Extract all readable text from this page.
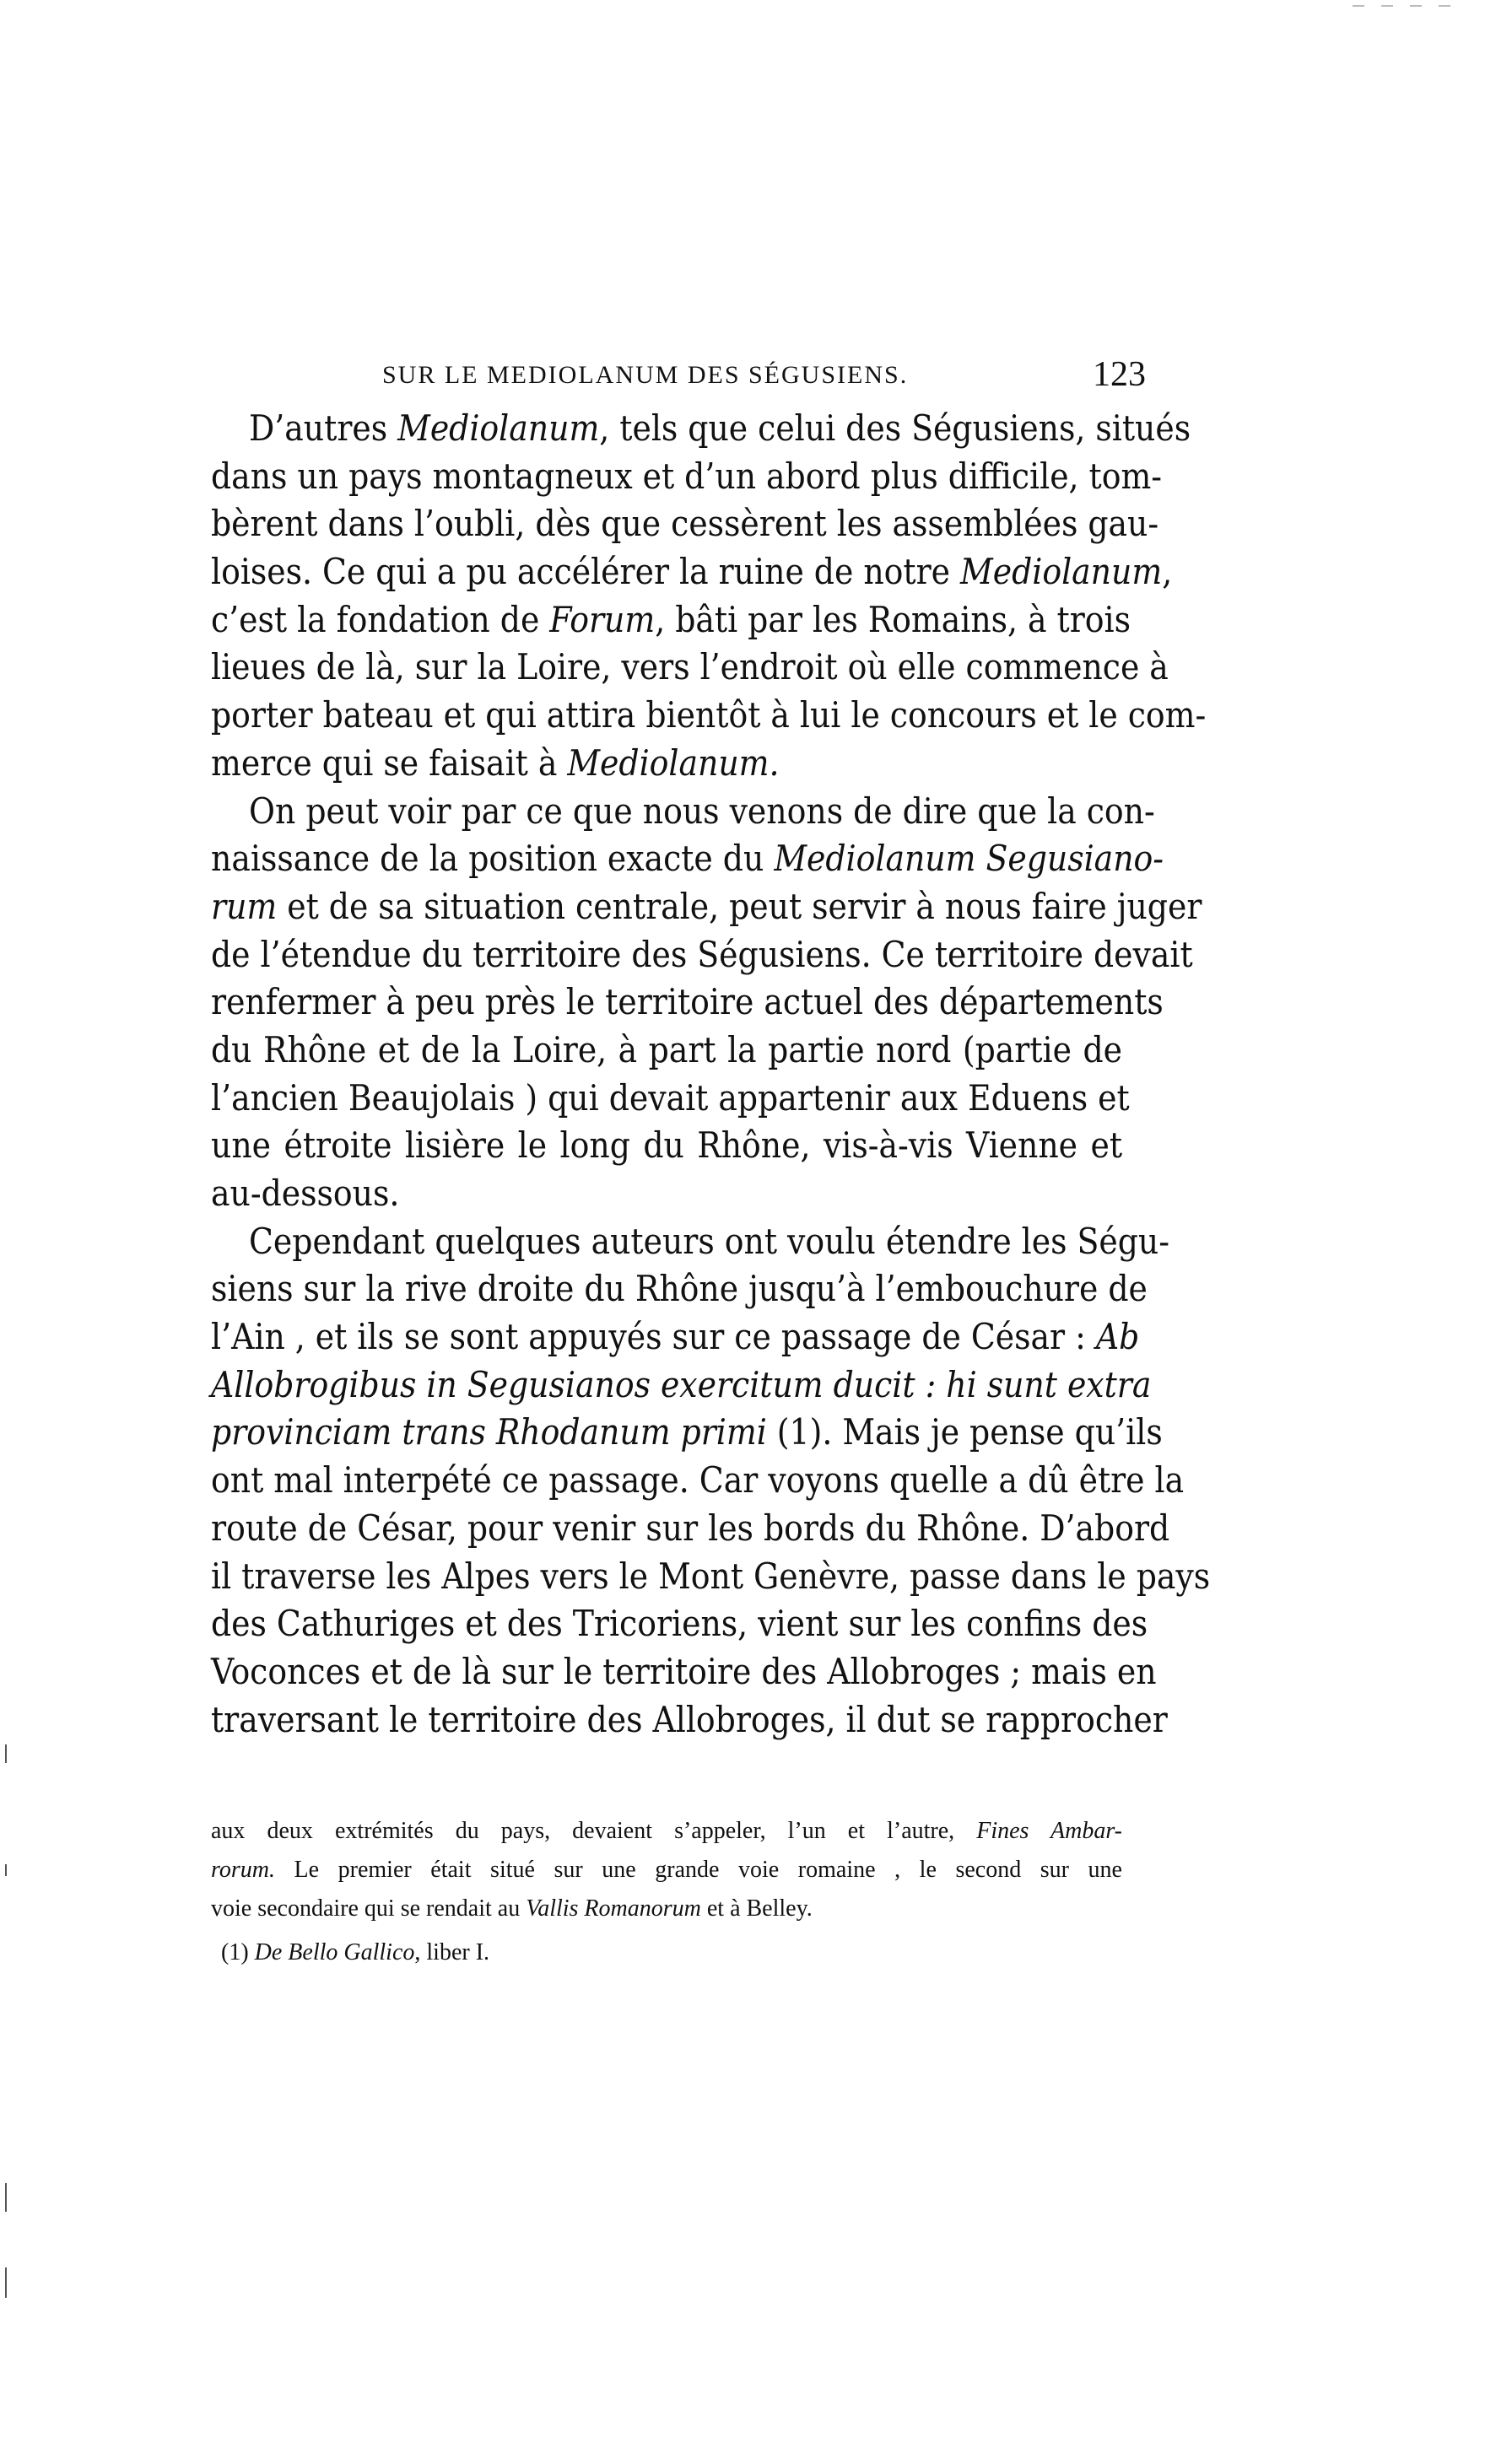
SUR LE MEDIOLANUM DES SÉGUSIENS.	123
D’autres Mediolanum, tels que celui des Ségusiens, situés
dans un pays montagneux et d’un abord plus difficile, tom-
bèrent dans l’oubli, dès que cessèrent les assemblées gau-
loises. Ce qui a pu accélérer la ruine de notre Mediolanum,
c’est la fondation de Forum, bâti par les Romains, à trois
lieues de là, sur la Loire, vers l’endroit où elle commence à
porter bateau et qui attira bientôt à lui le concours et le com-
merce qui se faisait à Mediolanum.
On peut voir par ce que nous venons de dire que la con-
naissance de la position exacte du Mediolanum Segusiano-
rum et de sa situation centrale, peut servir à nous faire juger
de l’étendue du territoire des Ségusiens. Ce territoire devait
renfermer à peu près le territoire actuel des départements
du Rhône et de la Loire, à part la partie nord (partie de
l’ancien Beaujolais ) qui devait appartenir aux Eduens et
une étroite lisière le long du Rhône, vis-à-vis Vienne et
au-dessous.
Cependant quelques auteurs ont voulu étendre les Ségu-
siens sur la rive droite du Rhône jusqu’à l’embouchure de
l’Ain , et ils se sont appuyés sur ce passage de César : Ab
Allobrogibus in Segusianos exercitum ducit : hi sunt extra
provinciam trans Rhodanum primi (1). Mais je pense qu’ils
ont mal interpété ce passage. Car voyons quelle a dû être la
route de César, pour venir sur les bords du Rhône. D’abord
il traverse les Alpes vers le Mont Genèvre, passe dans le pays
des Cathuriges et des Tricoriens, vient sur les confins des
Voconces et de là sur le territoire des Allobroges ; mais en
traversant le territoire des Allobroges, il dut se rapprocher
aux deux extrémités du pays, devaient s’appeler, l’un et l’autre, Fines Ambar-
rorum. Le premier était situé sur une grande voie romaine , le second sur une
voie secondaire qui se rendait au Vallis Romanorum et à Belley.
(1) De Bello Gallico, liber I.
